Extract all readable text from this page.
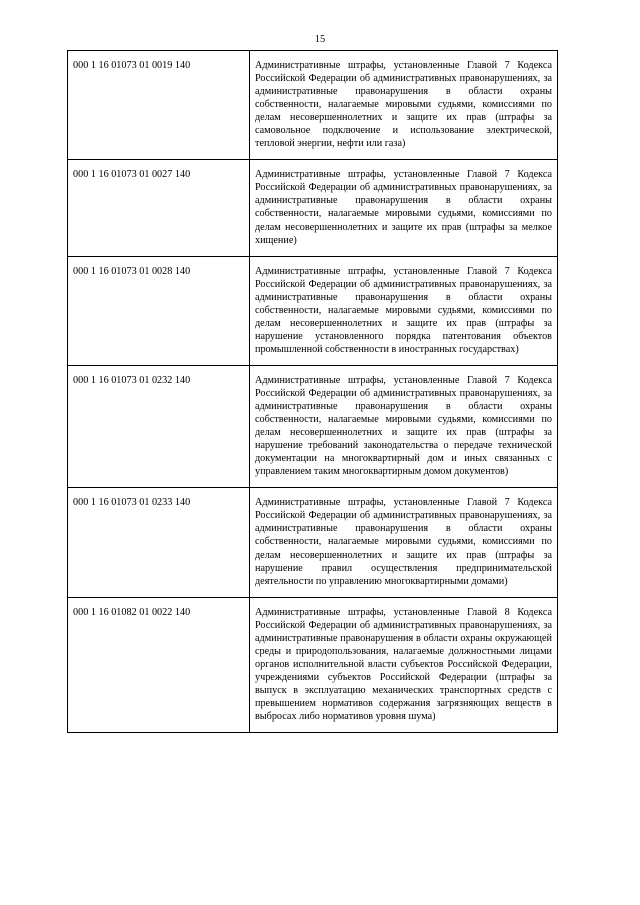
15
000 1 16 01073 01 0019 140	Административные штрафы, установленные Главой 7 Кодекса Российской Федерации об административных правонарушениях, за административные правонарушения в области охраны собственности, налагаемые мировыми судьями, комиссиями по делам несовершеннолетних и защите их прав (штрафы за самовольное подключение и использование электрической, тепловой энергии, нефти или газа)
000 1 16 01073 01 0027 140	Административные штрафы, установленные Главой 7 Кодекса Российской Федерации об административных правонарушениях, за административные правонарушения в области охраны собственности, налагаемые мировыми судьями, комиссиями по делам несовершеннолетних и защите их прав (штрафы за мелкое хищение)
000 1 16 01073 01 0028 140	Административные штрафы, установленные Главой 7 Кодекса Российской Федерации об административных правонарушениях, за административные правонарушения в области охраны собственности, налагаемые мировыми судьями, комиссиями по делам несовершеннолетних и защите их прав (штрафы за нарушение установленного порядка патентования объектов промышленной собственности в иностранных государствах)
000 1 16 01073 01 0232 140	Административные штрафы, установленные Главой 7 Кодекса Российской Федерации об административных правонарушениях, за административные правонарушения в области охраны собственности, налагаемые мировыми судьями, комиссиями по делам несовершеннолетних и защите их прав (штрафы за нарушение требований законодательства о передаче технической документации на многоквартирный дом и иных связанных с управлением таким многоквартирным домом документов)
000 1 16 01073 01 0233 140	Административные штрафы, установленные Главой 7 Кодекса Российской Федерации об административных правонарушениях, за административные правонарушения в области охраны собственности, налагаемые мировыми судьями, комиссиями по делам несовершеннолетних и защите их прав (штрафы за нарушение правил осуществления предпринимательской деятельности по управлению многоквартирными домами)
000 1 16 01082 01 0022 140	Административные штрафы, установленные Главой 8 Кодекса Российской Федерации об административных правонарушениях, за административные правонарушения в области охраны окружающей среды и природопользования, налагаемые должностными лицами органов исполнительной власти субъектов Российской Федерации, учреждениями субъектов Российской Федерации (штрафы за выпуск в эксплуатацию механических транспортных средств с превышением нормативов содержания загрязняющих веществ в выбросах либо нормативов уровня шума)
